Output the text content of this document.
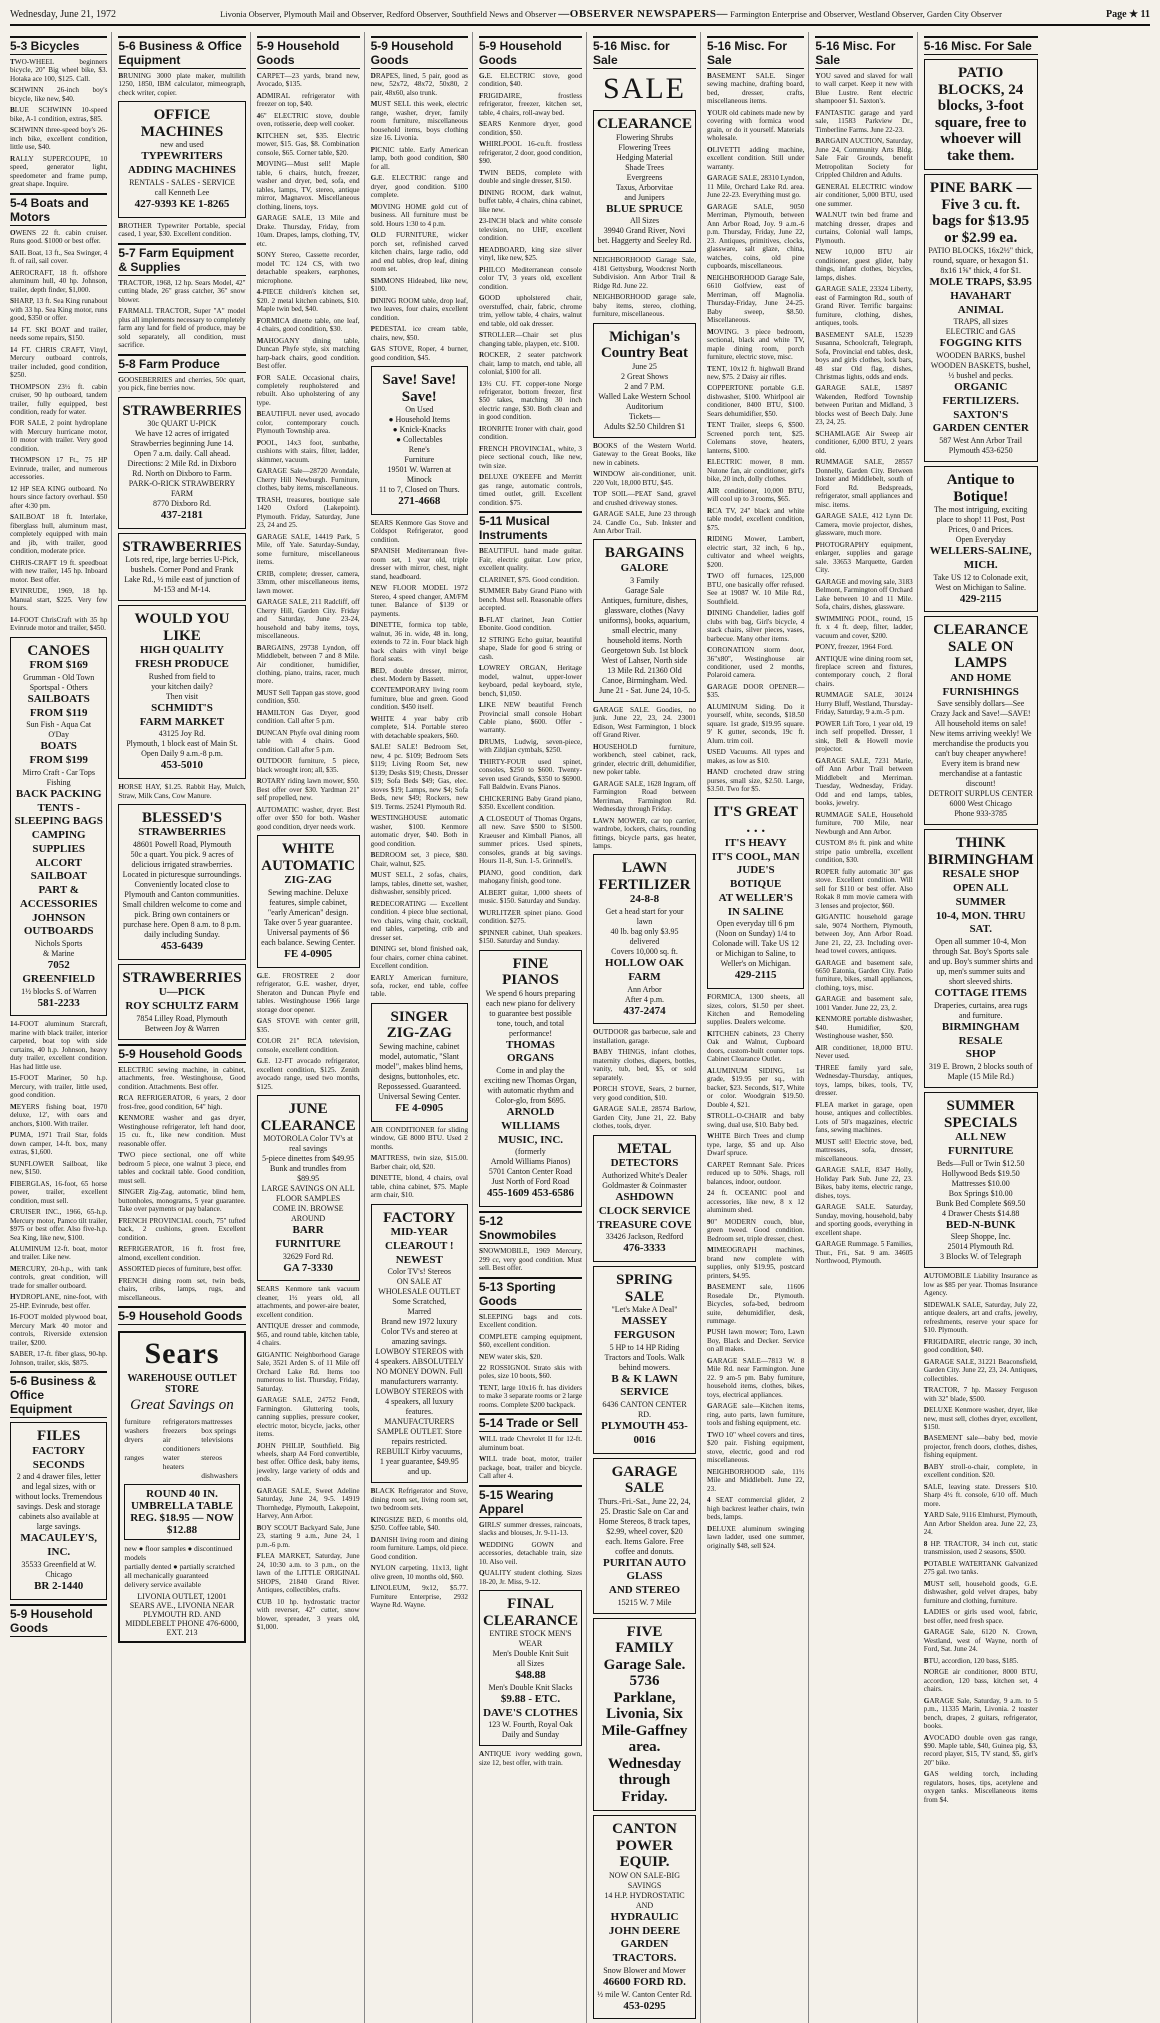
Wednesday, June 21, 1972	Livonia Observer, Plymouth Mail and Observer, Redford Observer, Southfield News and Observer —OBSERVER NEWSPAPERS— Farmington Enterprise and Observer, Westland Observer, Garden City Observer	Page ★ 11
5-3 Bicycles

TWO-WHEEL beginners bicycle, 20" Big wheel bike, $3. Hotaka ace 100, $125. Call.

SCHWINN 26-inch boy's bicycle, like new, $40.

BLUE SCHWINN 10-speed bike, A-1 condition, extras, $85.

SCHWINN three-speed boy's 26-inch bike, excellent condition, little use, $40.

RALLY SUPERCOUPE, 10 speed, generator light, speedometer and frame pump, great shape. Inquire.

5-4 Boats and Motors

OWENS 22 ft. cabin cruiser. Runs good. $1000 or best offer.

SAIL Boat, 13 ft., Sea Swinger, 4 ft. of rail, sail cover.

AEROCRAFT, 18 ft. offshore aluminum hull, 40 hp. Johnson, trailer, depth finder, $1,000.

SHARP, 13 ft. Sea King runabout with 33 hp. Sea King motor, runs good, $350 or offer.

14 FT. SKI BOAT and trailer, needs some repairs, $150.

14 FT. CHRIS CRAFT, Vinyl, Mercury outboard controls, trailer included, good condition, $250.

THOMPSON 23½ ft. cabin cruiser, 90 hp outboard, tandem trailer, fully equipped, best condition, ready for water.

FOR SALE, 2 point hydroplane with Mercury hurricane motor, 10 motor with trailer. Very good condition.

THOMPSON 17 Ft., 75 HP Evinrude, trailer, and numerous accessories.

12 HP SEA KING outboard. No hours since factory overhaul. $50 after 4:30 pm.

SAILBOAT 18 ft. Interlake, fiberglass hull, aluminum mast, completely equipped with main and jib, with trailer, good condition, moderate price.

CHRIS-CRAFT 19 ft. speedboat with new trailer, 145 hp. Inboard motor. Best offer.

EVINRUDE, 1969, 18 hp. Manual start, $225. Very few hours.

14-FOOT ChrisCraft with 35 hp Evinrude motor and trailer, $450.

CANOES
FROM $169
Grumman - Old Town
Sportspal - Others
SAILBOATS
FROM $119
Sun Fish - Aqua Cat
O'Day
BOATS
FROM $199
Mirro Craft - Car Tops
Fishing
BACK PACKING
TENTS - SLEEPING BAGS
CAMPING SUPPLIES
ALCORT SAILBOAT
PART & ACCESSORIES
JOHNSON OUTBOARDS
Nichols Sports
& Marine
7052 GREENFIELD
1½ blocks S. of Warren
581-2233

14-FOOT aluminum Starcraft, marine with black trailer, interior carpeted, boat top with side curtains, 40 h.p. Johnson, heavy duty trailer, excellent condition. Has had little use.

15-FOOT Mariner, 50 h.p. Mercury, with trailer, little used, good condition.

MEYERS fishing boat, 1970 deluxe, 12', with oars and anchors, $100. With trailer.

PUMA, 1971 Trail Star, folds down camper, 14-ft. box, many extras, $1,600.

SUNFLOWER Sailboat, like new, $150.

FIBERGLAS, 16-foot, 65 horse power, trailer, excellent condition, must sell.

CRUISER INC., 1966, 65-h.p. Mercury motor, Pamco tilt trailer, $975 or best offer. Also five-h.p. Sea King, like new, $100.

ALUMINUM 12-ft. boat, motor and trailer. Like new.

MERCURY, 20-h.p., with tank controls, great condition, will trade for smaller outboard.

HYDROPLANE, nine-foot, with 25-HP. Evinrude, best offer.

16-FOOT molded plywood boat, Mercury Mark 40 motor and controls, Riverside extension trailer, $200.

SABER, 17-ft. fiber glass, 90-hp. Johnson, trailer, skis, $875.

5-6 Business & Office Equipment
FILES
FACTORY SECONDS
2 and 4 drawer files, letter and legal sizes, with or without locks. Tremendous savings. Desk and storage cabinets also available at large savings.
MACAULEY'S, INC.
35533 Greenfield at W. Chicago
BR 2-1440
5-9 Household Goods
5-6 Business & Office Equipment

BRUNING 3000 plate maker, multilith 1250, 1850, IBM calculator, mimeograph, check writer, copier.

OFFICE MACHINES
new and used
TYPEWRITERS
ADDING MACHINES
RENTALS - SALES - SERVICE
call Kenneth Lee
427-9393 KE 1-8265

BROTHER Typewriter Portable, special cased, 1 year, $30. Excellent condition.

5-7 Farm Equipment & Supplies

TRACTOR, 1968, 12 hp. Sears Model, 42" cutting blade, 26" grass catcher, 36" snow blower.

FARMALL TRACTOR, Super "A" model plus all implements necessary to completely farm any land for field of produce, may be sold separately, all condition, must sacrifice.

5-8 Farm Produce

GOOSEBERRIES and cherries, 50c quart, you pick, fine berries now.

STRAWBERRIES
30c QUART U-PICK
We have 12 acres of irrigated Strawberries beginning June 14. Open 7 a.m. daily. Call ahead. Directions: 2 Mile Rd. in Dixboro Rd. North on Dixboro to Farm.
PARK-O-RICK STRAWBERRY FARM
8770 Dixboro Rd.
437-2181
STRAWBERRIES
Lots red, ripe, large berries U-Pick, bushels. Corner Pond and Frank Lake Rd., ½ mile east of junction of M-153 and M-14.
WOULD YOU LIKE
HIGH QUALITY
FRESH PRODUCE
Rushed from field to
your kitchen daily?
Then visit
SCHMIDT'S
FARM MARKET
43125 Joy Rd.
Plymouth, 1 block east of Main St.
Open Daily 9 a.m.-8 p.m.
453-5010

HORSE HAY, $1.25. Rabbit Hay, Mulch, Straw, Milk Cans, Cow Manure.

BLESSED'S
STRAWBERRIES
48601 Powell Road, Plymouth
50c a quart. You pick. 9 acres of delicious irrigated strawberries. Located in picturesque surroundings. Conveniently located close to Plymouth and Canton communities. Small children welcome to come and pick. Bring own containers or purchase here. Open 8 a.m. to 8 p.m. daily including Sunday.
453-6439
STRAWBERRIES
U—PICK
ROY SCHULTZ FARM
7854 Lilley Road, Plymouth
Between Joy & Warren
5-9 Household Goods

ELECTRIC sewing machine, in cabinet, attachments, free. Westinghouse, Good condition. Attachments. Best offer.

RCA REFRIGERATOR, 6 years, 2 door frost-free, good condition, 64" high.

KENMORE washer and gas dryer, Westinghouse refrigerator, left hand door, 15 cu. ft., like new condition. Must reasonable offer.

TWO piece sectional, one off white bedroom 5 piece, one walnut 3 piece, end tables and cocktail table. Good condition, must sell.

SINGER Zig-Zag, automatic, blind hem, buttonholes, monograms, 5 year guarantee. Take over payments or pay balance.

FRENCH PROVINCIAL couch, 75" tufted back, 2 cushions, green. Excellent condition.

REFRIGERATOR, 16 ft. frost free, almond, excellent condition.

ASSORTED pieces of furniture, best offer.

FRENCH dining room set, twin beds, chairs, cribs, lamps, rugs, and miscellaneous.

5-9 Household Goods
Sears
WAREHOUSE OUTLET STORE
Great Savings on
furniture	refrigerators mattresses
washers	freezers	box springs
dryers	air conditioners
televisions
ranges	water heaters
stereos
dishwashers
ROUND 40 IN. UMBRELLA TABLE
REG. $18.95 — NOW $12.88
new ● floor samples ● discontinued models
partially dented ● partially scratched
all mechanically guaranteed
delivery service available
LIVONIA OUTLET, 12001 SEARS AVE., LIVONIA NEAR PLYMOUTH RD. AND MIDDLEBELT PHONE 476-6000, EXT. 213
5-9 Household Goods

CARPET—23 yards, brand new, Avocado, $135.

ADMIRAL refrigerator with freezer on top, $40.

46" ELECTRIC stove, double oven, rotisserie, deep well cooker.

KITCHEN set, $35. Electric mower, $15. Gas, $8. Combination console, $65. Corner table, $20.

MOVING—Must sell! Maple table, 6 chairs, hutch, freezer, washer and dryer, bed, sofa, end tables, lamps, TV, stereo, antique mirror, Magnavox. Miscellaneous clothing, linens, toys.

GARAGE SALE, 13 Mile and Drake. Thursday, Friday, from 10am. Drapes, lamps, clothing, TV, etc.

SONY Stereo, Cassette recorder, model TC 124 CS, with two detachable speakers, earphones, microphone.

4-PIECE children's kitchen set, $20. 2 metal kitchen cabinets, $10. Maple twin bed, $40.

FORMICA dinette table, one leaf, 4 chairs, good condition, $30.

MAHOGANY dining table, Duncan Phyfe style, six matching harp-back chairs, good condition. Best offer.

FOR SALE. Occasional chairs, completely reupholstered and rebuilt. Also upholstering of any type.

BEAUTIFUL never used, avocado color, contemporary couch. Plymouth Township area.

POOL, 14x3 foot, sunbathe, cushions with stairs, filter, ladder, skimmer, vacuum.

GARAGE Sale—28720 Avondale, Cherry Hill Newburgh. Furniture, clothes, baby items, miscellaneous.

TRASH, treasures, boutique sale 1420 Oxford (Lakepoint). Plymouth. Friday, Saturday, June 23, 24 and 25.

GARAGE SALE, 14419 Park, 5 Mile, off Yale. Saturday-Sunday, some furniture, miscellaneous items.

CRIB, complete; dresser, camera, 33mm, other miscellaneous items, lawn mower.

GARAGE SALE, 211 Radcliff, off Cherry Hill, Garden City. Friday and Saturday, June 23-24, household and baby items, toys, miscellaneous.

BARGAINS, 29738 Lyndon, off Middlebelt, between 7 and 8 Mile. Air conditioner, humidifier, clothing, piano, trains, racer, much more.

MUST Sell Tappan gas stove, good condition, $50.

HAMILTON Gas Dryer, good condition. Call after 5 p.m.

DUNCAN Phyfe oval dining room table with 4 chairs. Good condition. Call after 5 p.m.

OUTDOOR furniture, 5 piece, black wrought iron; all, $35.

ROTARY riding lawn mower, $50. Best offer over $30. Yardman 21" self propelled, new.

AUTOMATIC washer, dryer. Best offer over $50 for both. Washer good condition, dryer needs work.

WHITE AUTOMATIC
ZIG-ZAG
Sewing machine. Deluxe features, simple cabinet, "early American" design. Take over 5 year guarantee. Universal payments of $6 each balance. Sewing Center.
FE 4-0905

G.E. FROSTREE 2 door refrigerator, G.E. washer, dryer, Sheraton and Duncan Phyfe end tables. Westinghouse 1966 large storage door opener.

GAS STOVE with center grill, $35.

COLOR 21" RCA television, console, excellent condition.

G.E. 12-FT avocado refrigerator, excellent condition, $125. Zenith avocado range, used two months, $125.

JUNE CLEARANCE
MOTOROLA Color TV's at real savings
5-piece dinettes from $49.95
Bunk and trundles from $89.95
LARGE SAVINGS ON ALL FLOOR SAMPLES
COME IN. BROWSE AROUND
BARR FURNITURE
32629 Ford Rd.
GA 7-3330

SEARS Kenmore tank vacuum cleaner, 1½ years old, all attachments, and power-aire beater, excellent condition.

ANTIQUE dresser and commode, $65, and round table, kitchen table, 4 chairs.

GIGANTIC Neighborhood Garage Sale, 3521 Arden S. of 11 Mile off Orchard Lake Rd. Items too numerous to list. Thursday, Friday, Saturday.

GARAGE SALE, 24752 Fendt, Farmington. Gluttering tools, canning supplies, pressure cooker, electric motor, bicycle, jacks, other items.

JOHN PHILIP, Southfield. Big wheels, sharp A4 Ford convertible, best offer. Office desk, baby items, jewelry, large variety of odds and ends.

GARAGE SALE, Sweet Adeline Saturday, June 24, 9-5. 14919 Thornhedge, Plymouth, Lakepoint, Harvey, Ann Arbor.

BOY SCOUT Backyard Sale, June 23, starting 9 a.m., June 24, 1 p.m.-6 p.m.

FLEA MARKET, Saturday, June 24, 10:30 a.m. to 3 p.m., on the lawn of the LITTLE ORIGINAL SHOPS, 21840 Grand River. Antiques, collectibles, crafts.

CUB 10 hp. hydrostatic tractor with reverser, 42" cutter, snow blower, spreader, 3 years old, $1,000.

5-9 Household Goods

DRAPES, lined, 5 pair, good as new, 52x72, 48x72, 50x80, 2 pair, 48x60, also trunk.

MUST SELL this week, electric range, washer, dryer, family room furniture, miscellaneous household items, boys clothing size 16. Livonia.

PICNIC table. Early American lamp, both good condition, $80 for all.

G.E. ELECTRIC range and dryer, good condition. $100 complete.

MOVING HOME gold cut of business. All furniture must be sold. Hours 1:30 to 4 p.m.

OLD FURNITURE, wicker porch set, refinished carved kitchen chairs, large radio, odd and end tables, drop leaf, dining room set.

SIMMONS Hideabed, like new, $100.

DINING ROOM table, drop leaf, two leaves, four chairs, excellent condition.

PEDESTAL ice cream table, chairs, new, $50.

GAS STOVE, Roper, 4 burner, good condition, $45.

Save! Save! Save!
On Used
● Household Items
● Knick-Knacks
● Collectables
Rene's
Furniture
19501 W. Warren at Minock
11 to 7, Closed on Thurs.
271-4668

SEARS Kenmore Gas Stove and Coldspot Refrigerator, good condition.

SPANISH Mediterranean five-room set, 1 year old, triple dresser with mirror, chest, night stand, headboard.

NEW FLOOR MODEL 1972 Stereo, 4 speed changer, AM/FM tuner. Balance of $139 or payments.

DINETTE, formica top table, walnut, 36 in. wide, 48 in. long, extends to 72 in. Four black high back chairs with vinyl beige floral seats.

BED, double dresser, mirror, chest. Modern by Bassett.

CONTEMPORARY living room furniture, blue and green. Good condition. $450 itself.

WHITE 4 year baby crib complete, $14. Portable stereo with detachable speakers, $60.

SALE! SALE! Bedroom Set, new, 4 pc. $109; Bedroom Sets $119; Living Room Set, new $139; Desks $19; Chests, Dresser $19; Sofa Beds $49; Gas, elec. stoves $19; Lamps, new $4; Sofa Beds, new $49; Rockers, new $19. Terms. 25241 Plymouth Rd.

WESTINGHOUSE automatic washer, $100. Kenmore automatic dryer, $40. Both in good condition.

BEDROOM set, 3 piece, $80. Chair, walnut, $25.

MUST SELL, 2 sofas, chairs, lamps, tables, dinette set, washer, dishwasher, sensibly priced.

REDECORATING — Excellent condition. 4 piece blue sectional, two chairs, wing chair, cocktail, end tables, carpeting, crib and dresser set.

DINING set, blond finished oak, four chairs, corner china cabinet. Excellent condition.

EARLY American furniture, sofa, rocker, end table, coffee table.

SINGER ZIG-ZAG
Sewing machine, cabinet model, automatic, "Slant model", makes blind hems, designs, buttonholes, etc. Repossessed. Guaranteed. Universal Sewing Center.
FE 4-0905

AIR CONDITIONER for sliding window, GE 8000 BTU. Used 2 months.

MATTRESS, twin size, $15.00. Barber chair, old, $20.

DINETTE, blond, 4 chairs, oval table, china cabinet, $75. Maple arm chair, $10.

FACTORY
MID-YEAR
CLEAROUT !
NEWEST
Color TV's! Stereos
ON SALE AT WHOLESALE OUTLET
Some Scratched,
Marred
Brand new 1972 luxury Color TVs and stereo at amazing savings. LOWBOY STEREOS with 4 speakers. ABSOLUTELY NO MONEY DOWN. Full manufacturers warranty.
LOWBOY STEREOS with 4 speakers, all luxury features.
MANUFACTURERS SAMPLE OUTLET. Store repairs restricted.
REBUILT Kirby vacuums, 1 year guarantee, $49.95 and up.

BLACK Refrigerator and Stove, dining room set, living room set, two bedroom sets.

KINGSIZE BED, 6 months old, $250. Coffee table, $40.

DANISH living room and dining room furniture. Lamps, old piece. Good condition.

NYLON carpeting, 11x13, light olive green, 10 months old, $60.

LINOLEUM, 9x12, $5.77. Furniture Enterprise, 2932 Wayne Rd. Wayne.

5-9 Household Goods

G.E. ELECTRIC stove, good condition, $40.

FRIGIDAIRE, frostless refrigerator, freezer, kitchen set, table, 4 chairs, roll-away bed.

SEARS Kenmore dryer, good condition, $50.

WHIRLPOOL 16-cu.ft. frostless refrigerator, 2 door, good condition, $90.

TWIN BEDS, complete with double and single dresser, $150.

DINING ROOM, dark walnut, buffet table, 4 chairs, china cabinet, like new.

23-INCH black and white console television, no UHF, excellent condition.

HEADBOARD, king size silver vinyl, like new, $25.

PHILCO Mediterranean console color TV, 3 years old, excellent condition.

GOOD upholstered chair, overstuffed, chair, fabric, chrome trim, yellow table, 4 chairs, walnut end table, old oak dresser.

STROLLER—Chair set plus changing table, playpen, etc. $100.

ROCKER, 2 seater patchwork chair, lamp to match, end table, all colonial, $100 for all.

13½ CU. FT. copper-tone Norge refrigerator, bottom freezer, first $50 takes, matching 30 inch electric range, $30. Both clean and in good condition.

IRONRITE Ironer with chair, good condition.

FRENCH PROVINCIAL, white, 3 piece sectional couch, like new, twin size.

DELUXE O'KEEFE and Merritt gas range, automatic controls, timed outlet, grill. Excellent condition. $75.

5-11 Musical Instruments

BEAUTIFUL hand made guitar. Fair, electric guitar. Low price, excellent quality.

CLARINET, $75. Good condition.

SUMMER Baby Grand Piano with bench. Must sell. Reasonable offers accepted.

B-FLAT clarinet, Jean Cottier Ebonite. Good condition.

12 STRING Echo guitar, beautiful shape, Slade for good 6 string or cash.

LOWREY ORGAN, Heritage model, walnut, upper-lower keyboard, pedal keyboard, style, bench, $1,050.

LIKE NEW beautiful French Provincial small console Hobart Cable piano, $600. Offer - warranty.

DRUMS, Ludwig, seven-piece, with Zildjian cymbals, $250.

THIRTY-FOUR used spinet, consoles, $250 to $600. Twenty-seven used Grands, $350 to $6900. Fall Baldwin. Evans Pianos.

CHICKERING Baby Grand piano, $350. Excellent condition.

A CLOSEOUT of Thomas Organs, all new. Save $500 to $1500. Kraeuser and Kimball Pianos, all summer prices. Used spinets, consoles, grands at big savings. Hours 11-8, Sun. 1-5. Grinnell's.

PIANO, good condition, dark mahogany finish, good tone.

ALBERT guitar, 1,000 sheets of music. $150. Saturday and Sunday.

WURLITZER spinet piano. Good condition. $275.

SPINNER cabinet, Utah speakers. $150. Saturday and Sunday.

FINE PIANOS
We spend 6 hours preparing each new piano for delivery to guarantee best possible tone, touch, and total performance!
THOMAS ORGANS
Come in and play the exciting new Thomas Organ, with automatic rhythm and Color-glo, from $695.
ARNOLD WILLIAMS
MUSIC, INC.
(formerly
Arnold Williams Pianos)
5701 Canton Center Road
Just North of Ford Road
455-1609 453-6586
5-12 Snowmobiles

SNOWMOBILE, 1969 Mercury, 299 cc, very good condition. Must sell. Best offer.

5-13 Sporting Goods

SLEEPING bags and cots. Excellent condition.

COMPLETE camping equipment, $60, excellent condition.

NEW water skis, $20.

22 ROSSIGNOL Strato skis with poles, size 10 boots, $60.

TENT, large 10x16 ft. has dividers to make 3 separate rooms or 2 large rooms. Complete $200 backpack.

5-14 Trade or Sell

WILL trade Chevrolet II for 12-ft. aluminum boat.

WILL trade boat, motor, trailer package, boat, trailer and bicycle. Call after 4.

5-15 Wearing Apparel

GIRLS' summer dresses, raincoats, slacks and blouses, Jr. 9-11-13.

WEDDING GOWN and accessories, detachable train, size 10. Also veil.

QUALITY student clothing. Sizes 18-20, Jr. Miss, 9-12.

FINAL CLEARANCE
ENTIRE STOCK MEN'S WEAR
Men's Double Knit Suit
all Sizes
$48.88
Men's Double Knit Slacks
$9.88 - ETC.
DAVE'S CLOTHES
123 W. Fourth, Royal Oak
Daily and Sunday

ANTIQUE ivory wedding gown, size 12, best offer, with train.

5-16 Misc. for Sale
SALE
CLEARANCE
Flowering Shrubs
Flowering Trees
Hedging Material
Shade Trees
Evergreens
Taxus, Arborvitae
and Junipers
BLUE SPRUCE
All Sizes
39940 Grand River, Novi
bet. Haggerty and Seeley Rd.

NEIGHBORHOOD Garage Sale, 4181 Gettysburg, Woodcrest North Subdivision. Ann Arbor Trail & Ridge Rd. June 22.

NEIGHBORHOOD garage sale, baby items, stereo, clothing, furniture, miscellaneous.

Michigan's Country Beat
June 25
2 Great Shows
2 and 7 P.M.
Walled Lake Western School
Auditorium
Tickets—
Adults $2.50 Children $1

BOOKS of the Western World. Gateway to the Great Books, like new in cabinets.

WINDOW air-conditioner, unit. 220 Volt, 18,000 BTU, $45.

TOP SOIL—PEAT Sand, gravel and crushed driveway stones.

GARAGE SALE, June 23 through 24. Candle Co., Sub. Inkster and Ann Arbor Trail.

BARGAINS
GALORE
3 Family
Garage Sale
Antiques, furniture, dishes, glassware, clothes (Navy uniforms), books, aquarium, small electric, many household items. North Georgetown Sub. 1st block West of Lahser, North side 13 Mile Rd. 21360 Old Canoe, Birmingham. Wed. June 21 - Sat. June 24, 10-5.

GARAGE SALE. Goodies, no junk. June 22, 23, 24. 23001 Edison, West Farmington, 1 block off Grand River.

HOUSEHOLD furniture, workbench, steel cabinet, rack, grinder, electric drill, dehumidifier, new poker table.

GARAGE SALE, 1628 Ingram, off Farmington Road between Merriman, Farmington Rd. Wednesday through Friday.

LAWN MOWER, car top carrier, wardrobe, lockers, chairs, rounding fittings, bicycle parts, gas heater, lamps.

LAWN FERTILIZER
24-8-8
Get a head start for your lawn
40 lb. bag only $3.95
delivered
Covers 10,000 sq. ft.
HOLLOW OAK FARM
Ann Arbor
After 4 p.m.
437-2474

OUTDOOR gas barbecue, sale and installation, garage.

BABY THINGS, infant clothes, maternity clothes, diapers, bottles, vanity, tub, bed, $5, or sold separately.

PORCH STOVE, Sears, 2 burner, very good condition, $10.

GARAGE SALE, 28574 Barlow, Garden City, June 21, 22. Baby clothes, tools, dryer.

METAL
DETECTORS
Authorized White's Dealer
Goldmaster & Coinmaster
ASHDOWN CLOCK SERVICE
TREASURE COVE
33426 Jackson, Redford
476-3333
SPRING SALE
"Let's Make A Deal"
MASSEY FERGUSON
5 HP to 14 HP Riding
Tractors and Tools. Walk
behind mowers.
B & K LAWN SERVICE
6436 CANTON CENTER RD.
PLYMOUTH 453-0016
GARAGE SALE
Thurs.-Fri.-Sat., June 22, 24, 25. Drastic Sale on Car and Home Stereos, 8 track tapes, $2.99, wheel cover, $20 each. Items Galore. Free coffee and donuts.
PURITAN AUTO GLASS
AND STEREO
15215 W. 7 Mile
FIVE FAMILY Garage Sale. 5736 Parklane, Livonia, Six Mile-Gaffney area. Wednesday through Friday.
CANTON POWER EQUIP.
NOW ON SALE-BIG SAVINGS
14 H.P. HYDROSTATIC AND
HYDRAULIC JOHN DEERE
GARDEN TRACTORS.
Snow Blower and Mower
46600 FORD RD.
½ mile W. Canton Center Rd.
453-0295
5-16 Misc. For Sale

BASEMENT SALE. Singer sewing machine, drafting board, bed, dresser, crafts, miscellaneous items.

YOUR old cabinets made new by covering with formica wood grain, or do it yourself. Materials wholesale.

OLIVETTI adding machine, excellent condition. Still under warranty.

GARAGE SALE, 28310 Lyndon, 11 Mile, Orchard Lake Rd. area. June 22-23. Everything must go.

GARAGE SALE, 9050 Merriman, Plymouth, between Ann Arbor Road, Joy. 9 a.m.-6 p.m. Thursday, Friday, June 22, 23. Antiques, primitives, clocks, glassware, salt glaze, china, watches, coins, old pine cupboards, miscellaneous.

NEIGHBORHOOD Garage Sale, 6610 Golfview, east of Merriman, off Magnolia. Thursday-Friday, June 24-25. Baby sweep, $8.50. Miscellaneous.

MOVING. 3 piece bedroom, sectional, black and white TV, maple dining room, porch furniture, electric stove, misc.

TENT, 10x12 ft. highwall Brand new, $75. 2 Daisy air rifles.

COPPERTONE portable G.E. dishwasher, $100. Whirlpool air conditioner, 8400 BTU, $100. Sears dehumidifier, $50.

TENT Trailer, sleeps 6, $500. Screened porch tent, $25. Colemans stove, heaters, lanterns, $100.

ELECTRIC mower, 8 mm. Nutone fan, air conditioner, girl's bike, 20 inch, dolly clothes.

AIR conditioner, 10,000 BTU, will cool up to 3 rooms, $65.

RCA TV, 24" black and white table model, excellent condition, $75.

RIDING Mower, Lambert, electric start, 32 inch, 6 hp., cultivator and wheel weights, $200.

TWO off furnaces, 125,000 BTU, one basically offer refused. See at 19087 W. 10 Mile Rd., Southfield.

DINING Chandelier, ladies golf clubs with bag, Girl's bicycle, 4 stack chairs, silver pieces, vases, barbecue. Many other items.

CORONATION storm door, 36"x80", Westinghouse air conditioner, used 2 months, Polaroid camera.

GARAGE DOOR OPENER—$35.

ALUMINUM Siding. Do it yourself, white, seconds, $18.50 square. 1st grade, $19.95 square. 9' K gutter, seconds, 19c ft. Alum. trim coil.

USED Vacuums. All types and makes, as low as $10.

HAND crocheted draw string purses, small size, $2.50. Large, $3.50. Two for $5.

IT'S GREAT . . .
IT'S HEAVY
IT'S COOL, MAN
JUDE'S BOTIQUE
AT WELLER'S
IN SALINE
Open everyday till 6 pm (Noon on Sunday) 1/4 to Colonade will. Take US 12 or Michigan to Saline, to Weller's on Michigan.
429-2115

FORMICA, 1300 sheets, all sizes, colors, $1.50 per sheet. Kitchen and Remodeling supplies. Dealers welcome.

KITCHEN cabinets, 23 Cherry Oak and Walnut, Cupboard doors, custom-built counter tops. Cabinet Clearance Outlet.

ALUMINUM SIDING, 1st grade, $19.95 per sq., with backer, $23. Seconds, $17, White or color. Woodgrain $19.50. Double 4, $21.

STROLL-O-CHAIR and baby swing, dual use, $10. Baby bed.

WHITE Birch Trees and clump type, large, $5 and up. Also Dwarf spruce.

CARPET Remnant Sale. Prices reduced up to 50%. Shags, roll balances, indoor, outdoor.

24 ft. OCEANIC pool and accessories, like new, 8 x 12 aluminum shed.

90" MODERN couch, blue, green tweed. Good condition. Bedroom set, triple dresser, chest.

MIMEOGRAPH machines, brand new complete with supplies, only $19.95, postcard printers, $4.95.

BASEMENT sale, 11606 Rosedale Dr., Plymouth. Bicycles, sofa-bed, bedroom suite, dehumidifier, desk, rummage.

PUSH lawn mower; Toro, Lawn Boy, Black and Decker. Service on all makes.

GARAGE SALE—7813 W. 8 Mile Rd. near Farmington. June 22. 9 am-5 pm. Baby furniture, household items, clothes, bikes, toys, electrical appliances.

GARAGE sale—Kitchen items, ring, auto parts, lawn furniture, tools and fishing equipment, etc.

TWO 10" wheel covers and tires, $20 pair. Fishing equipment, stove, electric, good and rod miscellaneous.

NEIGHBORHOOD sale, 11½ Mile and Middlebelt. June 22, 23.

4 SEAT commercial glider, 2 high backrest leather chairs, twin beds, lamps.

DELUXE aluminum swinging lawn ladder, used one summer, originally $48, sell $24.

5-16 Misc. For Sale

YOU saved and slaved for wall to wall carpet. Keep it new with Blue Lustre. Rent electric shampooer $1. Saxton's.

FANTASTIC garage and yard sale, 11583 Parkview Dr., Timberline Farms. June 22-23.

BARGAIN AUCTION, Saturday, June 24, Community Arts Bldg. Sale Fair Grounds, benefit Metropolitan Society for Crippled Children and Adults.

GENERAL ELECTRIC window air conditioner, 5,000 BTU, used one summer.

WALNUT twin bed frame and matching dresser, drapes and curtains, Colonial wall lamps, Plymouth.

NEW 10,000 BTU air conditioner, guest glider, baby things, infant clothes, bicycles, lamps, dishes.

GARAGE SALE, 23324 Liberty, east of Farmington Rd., south of Grand River. Terrific bargains: furniture, clothing, dishes, antiques, tools.

BASEMENT SALE, 15239 Susanna, Schoolcraft, Telegraph, Sofa, Provincial end tables, desk, boys and girls clothes, lock bars, 48 star Old flag, dishes, Christmas lights, odds and ends.

GARAGE SALE, 15897 Wakenden, Redford Township between Puritan and Midland, 3 blocks west of Beech Daly. June 23, 24, 25.

SCHAMLAGE Air Sweep air conditioner, 6,000 BTU, 2 years old.

RUMMAGE SALE, 28557 Donnelly, Garden City. Between Inkster and Middlebelt, south of Ford Rd. Bedspreads, refrigerator, small appliances and misc. items.

GARAGE SALE, 412 Lynn Dr. Camera, movie projector, dishes, glassware, much more.

PHOTOGRAPHY equipment, enlarger, supplies and garage sale. 33653 Marquette, Garden City.

GARAGE and moving sale, 3183 Belmont, Farmington off Orchard Lake between 10 and 11 Mile. Sofa, chairs, dishes, glassware.

SWIMMING POOL, round, 15 ft. x 4 ft. deep, filter, ladder, vacuum and cover, $200.

PONY, freezer, 1964 Ford.

ANTIQUE wine dining room set, fireplace screen and fixtures, contemporary couch, 2 floral chairs.

RUMMAGE SALE, 30124 Hurry Bluff, Westland, Thursday-Friday, Saturday, 9 a.m.-5 p.m.

POWER Lift Toro, 1 year old, 19 inch self propelled. Dresser, 1 sink, Bell & Howell movie projector.

GARAGE SALE, 7231 Marie, off Ann Arbor Trail between Middlebelt and Merriman. Tuesday, Wednesday, Friday. Odd and end lamps, tables, books, jewelry.

RUMMAGE SALE, Household furniture, 700 Mile, near Newburgh and Ann Arbor.

CUSTOM 8½ ft. pink and white stripe patio umbrella, excellent condition, $30.

ROPER fully automatic 30" gas stove. Excellent condition. Will sell for $110 or best offer. Also Rokak 8 mm movie camera with 3 lenses and projector, $60.

GIGANTIC household garage sale, 9074 Northern, Plymouth, between Joy, Ann Arbor Road. June 21, 22, 23. Including over-head towel covers, antiques.

GARAGE and basement sale, 6650 Eatonia, Garden City. Patio furniture, bikes, small appliances, clothing, toys, misc.

GARAGE and basement sale, 1001 Vander. June 22, 23, 2.

KENMORE portable dishwasher, $40. Humidifier, $20, Westinghouse washer, $50.

AIR conditioner, 18,000 BTU. Never used.

THREE family yard sale, Wednesday-Thursday, antiques, toys, lamps, bikes, tools, TV, dresser.

FLEA market in garage, open house, antiques and collectibles. Lots of 50's magazines, electric fans, sewing machines.

MUST sell! Electric stove, bed, mattresses, sofa, dresser, miscellaneous.

GARAGE SALE, 8347 Holly, Holiday Park Sub. June 22, 23. Bikes, baby items, electric range, dishes, toys.

GARAGE SALE. Saturday, Sunday, moving, household, baby and sporting goods, everything in excellent shape.

GARAGE Rummage. 5 Families, Thur., Fri., Sat. 9 am. 34605 Northwood, Plymouth.

5-16 Misc. For Sale
PATIO BLOCKS, 24 blocks, 3-foot square, free to whoever will take them.
PINE BARK — Five 3 cu. ft. bags for $13.95 or $2.99 ea.
PATIO BLOCKS, 16x2½" thick, round, square, or hexagon $1. 8x16 1⅝" thick, 4 for $1.
MOLE TRAPS, $3.95
HAVAHART ANIMAL
TRAPS, all sizes
ELECTRIC and GAS
FOGGING KITS
WOODEN BARKS, bushel
WOODEN BASKETS, bushel,
½ bushel and pecks.
ORGANIC FERTILIZERS.
SAXTON'S
GARDEN CENTER
587 West Ann Arbor Trail
Plymouth 453-6250
Antique to Botique!
The most intriguing, exciting place to shop! 11 Post, Post Prices, 0 and Prices.
Open Everyday
WELLERS-SALINE, MICH.
Take US 12 to Colonade exit, West on Michigan to Saline.
429-2115
CLEARANCE SALE ON LAMPS
AND HOME FURNISHINGS
Save sensibly dollars—See Crazy Jack and Save!—SAVE! All household items on sale! New items arriving weekly! We merchandise the products you can't buy cheaper anywhere! Every item is brand new merchandise at a fantastic discount!
DETROIT SURPLUS CENTER
6000 West Chicago
Phone 933-3785
THINK BIRMINGHAM
RESALE SHOP
OPEN ALL SUMMER
10-4, MON. THRU SAT.
Open all summer 10-4, Mon through Sat. Boy's Sports sale and up. Boy's summer shirts and up, men's summer suits and short sleeved shirts.
COTTAGE ITEMS
Draperies, curtains, area rugs and furniture.
BIRMINGHAM RESALE
SHOP
319 E. Brown, 2 blocks south of Maple (15 Mile Rd.)
SUMMER SPECIALS
ALL NEW FURNITURE
Beds—Full or Twin $12.50
Hollywood Beds $19.50
Mattresses $10.00
Box Springs $10.00
Bunk Bed Complete $69.50
4 Drawer Chests $14.88
BED-N-BUNK
Sleep Shoppe, Inc.
25014 Plymouth Rd.
3 Blocks W. of Telegraph

AUTOMOBILE Liability Insurance as low as $85 per year. Thomas Insurance Agency.

SIDEWALK SALE, Saturday, July 22, antique dealers, art and crafts, jewelry, refreshments, reserve your space for $10. Plymouth.

FRIGIDAIRE, electric range, 30 inch, good condition, $40.

GARAGE SALE, 31221 Beaconsfield, Garden City. June 22, 23, 24. Antiques, collectibles.

TRACTOR, 7 hp. Massey Ferguson with 32" blade, $500.

DELUXE Kenmore washer, dryer, like new, must sell, clothes dryer, excellent, $150.

BASEMENT sale—baby bed, movie projector, french doors, clothes, dishes, fishing equipment.

BABY stroll-o-chair, complete, in excellent condition. $20.

SALE, leaving state. Dressers $10. Sharp 4½ ft. console, 6/10 off. Much more.

YARD Sale, 9116 Elmhurst, Plymouth, Ann Arbor Sheldon area. June 22, 23, 24.

8 HP. TRACTOR, 34 inch cut, static transmission, used 2 seasons, $500.

POTABLE WATERTANK Galvanized 275 gal. two tanks.

MUST sell, household goods, G.E. dishwasher, gold velvet drapes, baby furniture and clothing, furniture.

LADIES or girls used wool, fabric, best offer, need fresh space.

GARAGE Sale, 6120 N. Crown, Westland, west of Wayne, north of Ford, Sat. June 24.

BTU, accordion, 120 bass, $185.

NORGE air conditioner, 8000 BTU, accordion, 120 bass, kitchen set, 4 chairs.

GARAGE Sale, Saturday, 9 a.m. to 5 p.m., 11335 Marin, Livonia. 2 toaster bench, drapes, 2 guitars, refrigerator, books.

AVOCADO double oven gas range, $90. Maple table, $40, Guinea pig, $3, record player, $15, TV stand, $5, girl's 20" bike.

GAS welding torch, including regulators, hoses, tips, acetylene and oxygen tanks. Miscellaneous items from $4.
